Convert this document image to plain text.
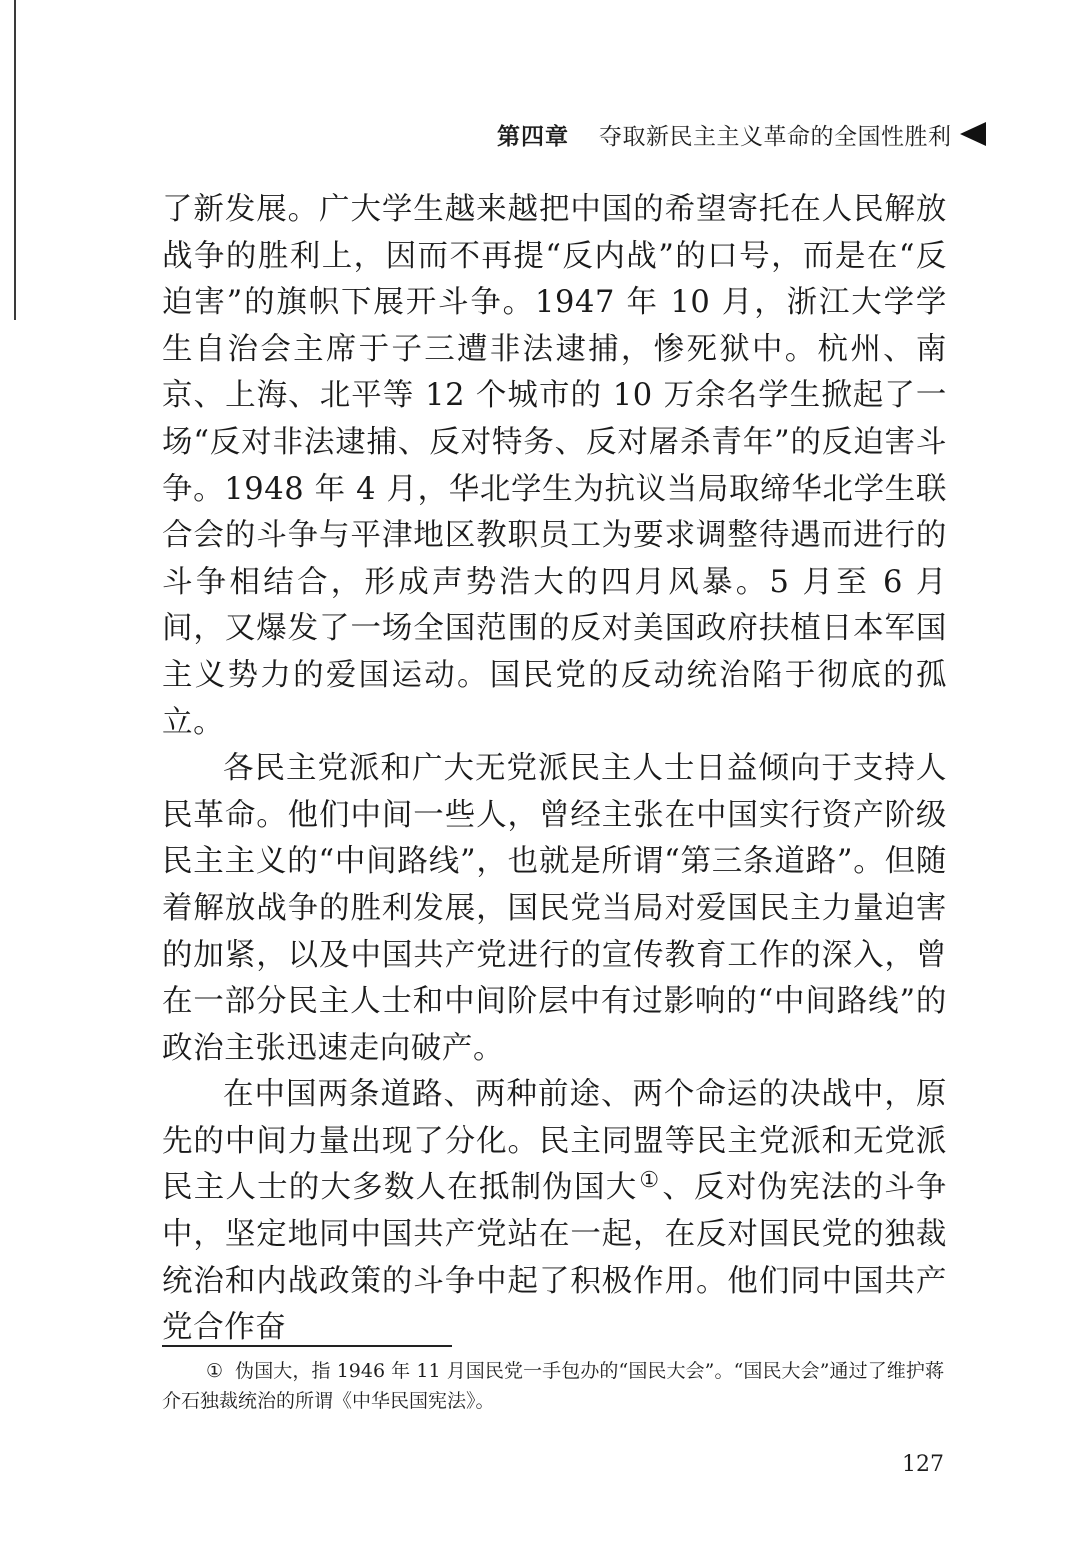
第四章 夺取新民主主义革命的全国性胜利

了新发展。广大学生越来越把中国的希望寄托在人民解放战争的胜利上，因而不再提“反内战”的口号，而是在“反迫害”的旗帜下展开斗争。1947 年 10 月，浙江大学学生自治会主席于子三遭非法逮捕，惨死狱中。杭州、南京、上海、北平等 12 个城市的 10 万余名学生掀起了一场“反对非法逮捕、反对特务、反对屠杀青年”的反迫害斗争。1948 年 4 月，华北学生为抗议当局取缔华北学生联合会的斗争与平津地区教职员工为要求调整待遇而进行的斗争相结合，形成声势浩大的四月风暴。5 月至 6 月间，又爆发了一场全国范围的反对美国政府扶植日本军国主义势力的爱国运动。国民党的反动统治陷于彻底的孤立。

各民主党派和广大无党派民主人士日益倾向于支持人民革命。他们中间一些人，曾经主张在中国实行资产阶级民主主义的“中间路线”，也就是所谓“第三条道路”。但随着解放战争的胜利发展，国民党当局对爱国民主力量迫害的加紧，以及中国共产党进行的宣传教育工作的深入，曾在一部分民主人士和中间阶层中有过影响的“中间路线”的政治主张迅速走向破产。

在中国两条道路、两种前途、两个命运的决战中，原先的中间力量出现了分化。民主同盟等民主党派和无党派民主人士的大多数人在抵制伪国大①、反对伪宪法的斗争中，坚定地同中国共产党站在一起，在反对国民党的独裁统治和内战政策的斗争中起了积极作用。他们同中国共产党合作奋

① 伪国大，指 1946 年 11 月国民党一手包办的“国民大会”。“国民大会”通过了维护蒋介石独裁统治的所谓《中华民国宪法》。

127
